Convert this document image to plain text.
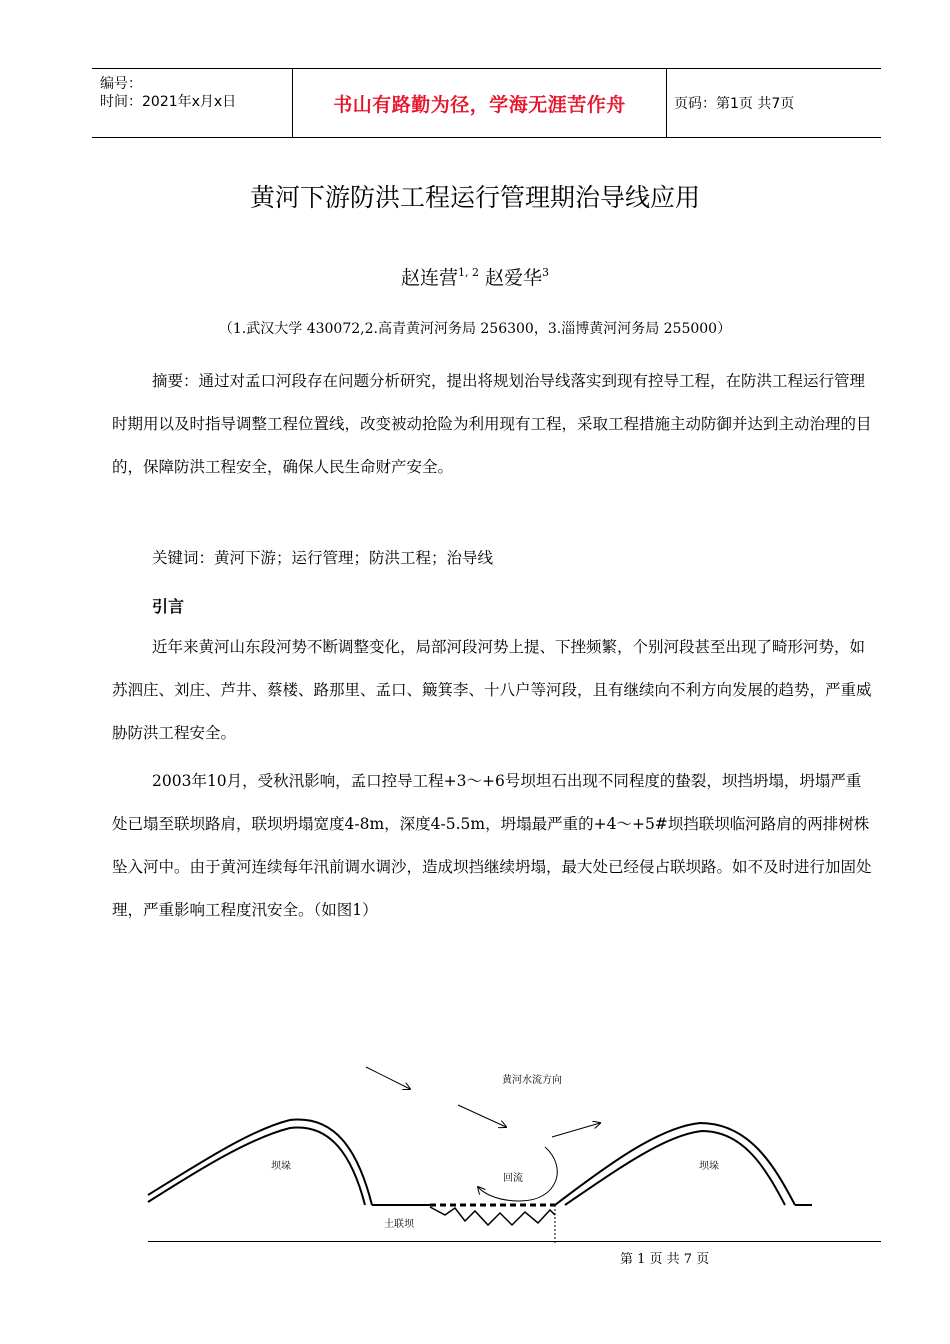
编号：
时间：2021年x月x日	书山有路勤为径，学海无涯苦作舟	页码：第1页 共7页
黄河下游防洪工程运行管理期治导线应用
赵连营$^{1, 2}$ 赵爱华$^3$
（1.武汉大学 430072,2.高青黄河河务局 256300，3.淄博黄河河务局 255000）
摘要：通过对孟口河段存在问题分析研究，提出将规划治导线落实到现有控导工程，在防洪工程运行管理时期用以及时指导调整工程位置线，改变被动抢险为利用现有工程，采取工程措施主动防御并达到主动治理的目的，保障防洪工程安全，确保人民生命财产安全。
关键词：黄河下游；运行管理；防洪工程；治导线
引言
近年来黄河山东段河势不断调整变化，局部河段河势上提、下挫频繁，个别河段甚至出现了畸形河势，如苏泗庄、刘庄、芦井、蔡楼、路那里、孟口、簸箕李、十八户等河段，且有继续向不利方向发展的趋势，严重威胁防洪工程安全。
2003年10月，受秋汛影响，孟口控导工程+3～+6号坝坦石出现不同程度的蛰裂，坝挡坍塌，坍塌严重处已塌至联坝路肩，联坝坍塌宽度4-8m，深度4-5.5m，坍塌最严重的+4～+5#坝挡联坝临河路肩的两排树株坠入河中。由于黄河连续每年汛前调水调沙，造成坝挡继续坍塌，最大处已经侵占联坝路。如不及时进行加固处理，严重影响工程度汛安全。（如图1）
黄河水流方向
坝垛	坝垛
回流
土联坝
第 1 页 共 7 页
